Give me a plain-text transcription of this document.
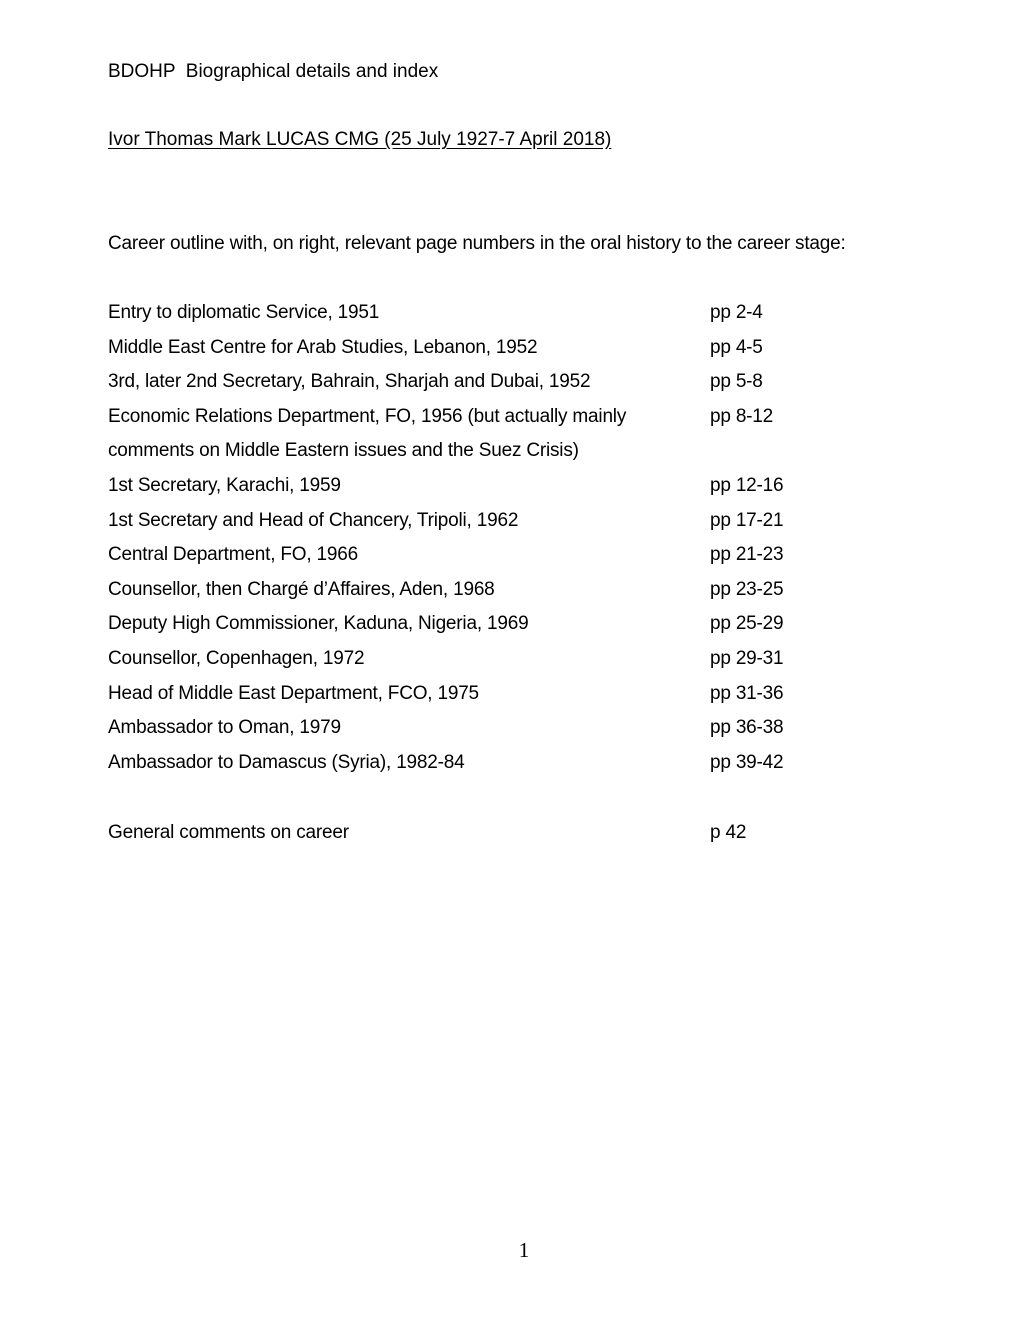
BDOHP  Biographical details and index
Ivor Thomas Mark LUCAS CMG (25 July 1927-7 April 2018)
Career outline with, on right, relevant page numbers in the oral history to the career stage:
Entry to diplomatic Service, 1951	pp 2-4
Middle East Centre for Arab Studies, Lebanon, 1952	pp 4-5
3rd, later 2nd Secretary, Bahrain, Sharjah and Dubai, 1952	pp 5-8
Economic Relations Department, FO, 1956 (but actually mainly	pp 8-12
comments on Middle Eastern issues and the Suez Crisis)
1st Secretary, Karachi, 1959	pp 12-16
1st Secretary and Head of Chancery, Tripoli, 1962	pp 17-21
Central Department, FO, 1966	pp 21-23
Counsellor, then Chargé d’Affaires, Aden, 1968	pp 23-25
Deputy High Commissioner, Kaduna, Nigeria, 1969	pp 25-29
Counsellor, Copenhagen, 1972	pp 29-31
Head of Middle East Department, FCO, 1975	pp 31-36
Ambassador to Oman, 1979	pp 36-38
Ambassador to Damascus (Syria), 1982-84	pp 39-42
General comments on career	p 42
1
